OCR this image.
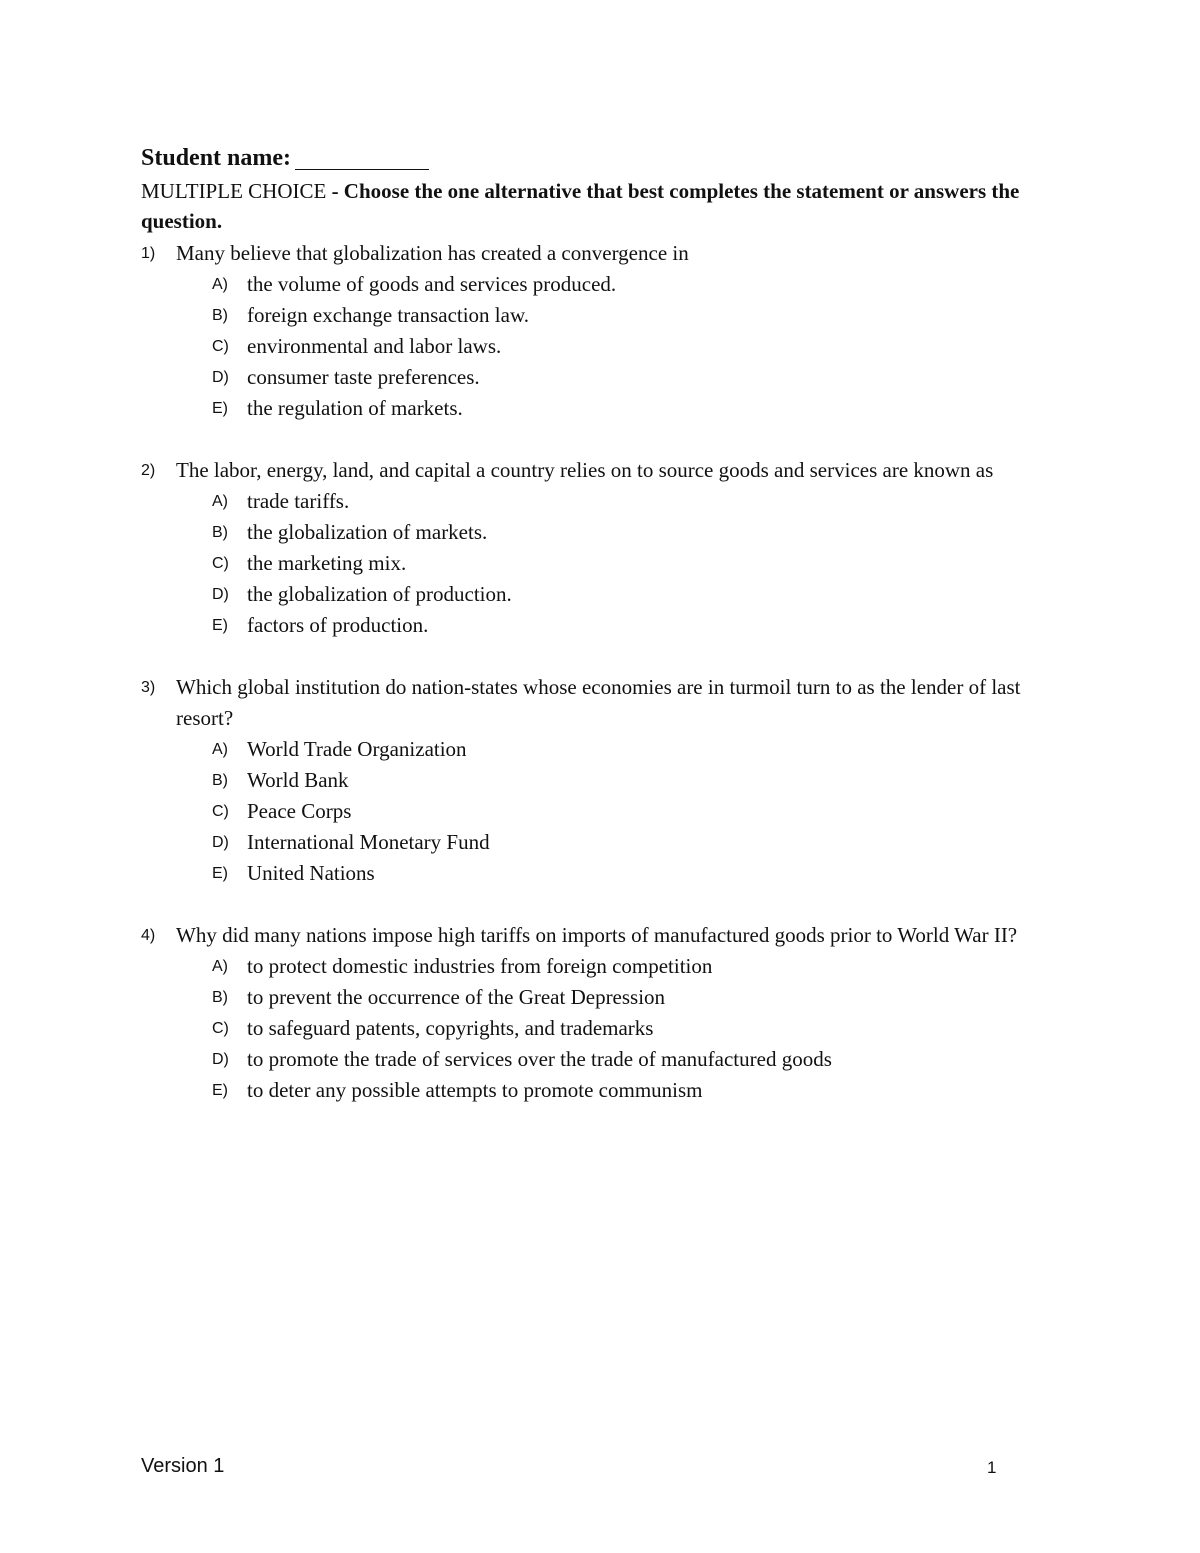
Student name:
MULTIPLE CHOICE - Choose the one alternative that best completes the statement or answers the question.
1) Many believe that globalization has created a convergence in
A) the volume of goods and services produced.
B) foreign exchange transaction law.
C) environmental and labor laws.
D) consumer taste preferences.
E) the regulation of markets.
2) The labor, energy, land, and capital a country relies on to source goods and services are known as
A) trade tariffs.
B) the globalization of markets.
C) the marketing mix.
D) the globalization of production.
E) factors of production.
3) Which global institution do nation-states whose economies are in turmoil turn to as the lender of last resort?
A) World Trade Organization
B) World Bank
C) Peace Corps
D) International Monetary Fund
E) United Nations
4) Why did many nations impose high tariffs on imports of manufactured goods prior to World War II?
A) to protect domestic industries from foreign competition
B) to prevent the occurrence of the Great Depression
C) to safeguard patents, copyrights, and trademarks
D) to promote the trade of services over the trade of manufactured goods
E) to deter any possible attempts to promote communism
Version 1	1
